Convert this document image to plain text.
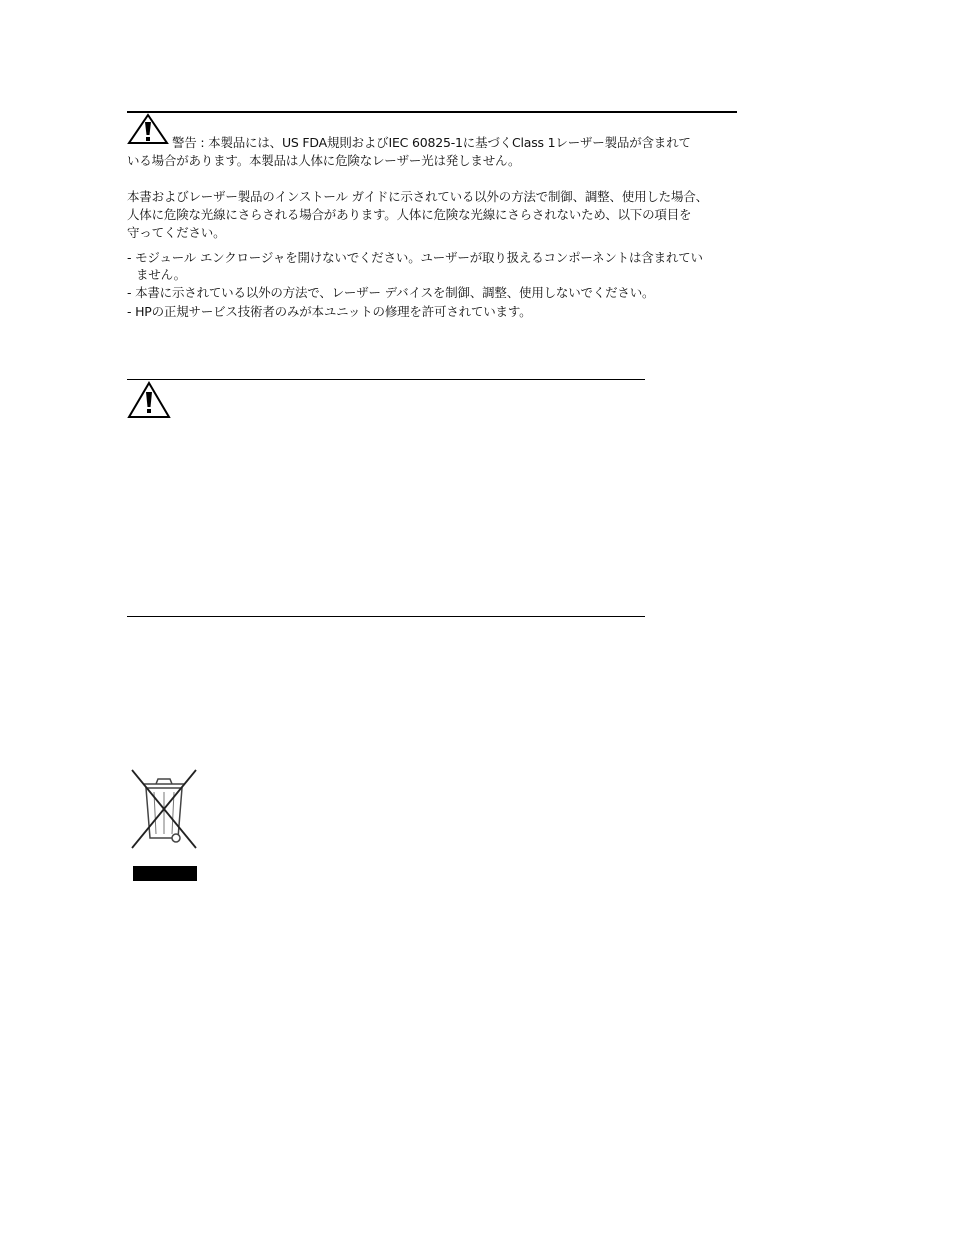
警告 : 本製品には、US FDA規則およびIEC 60825-1に基づくClass 1レーザー製品が含まれて
いる場合があります。本製品は人体に危険なレーザー光は発しません。
本書およびレーザー製品のインストール ガイドに示されている以外の方法で制御、調整、使用した場合、
人体に危険な光線にさらされる場合があります。人体に危険な光線にさらされないため、以下の項目を
守ってください。
- モジュール エンクロージャを開けないでください。ユーザーが取り扱えるコンポーネントは含まれてい
ません。
- 本書に示されている以外の方法で、レーザー デバイスを制御、調整、使用しないでください。
- HPの正規サービス技術者のみが本ユニットの修理を許可されています。
